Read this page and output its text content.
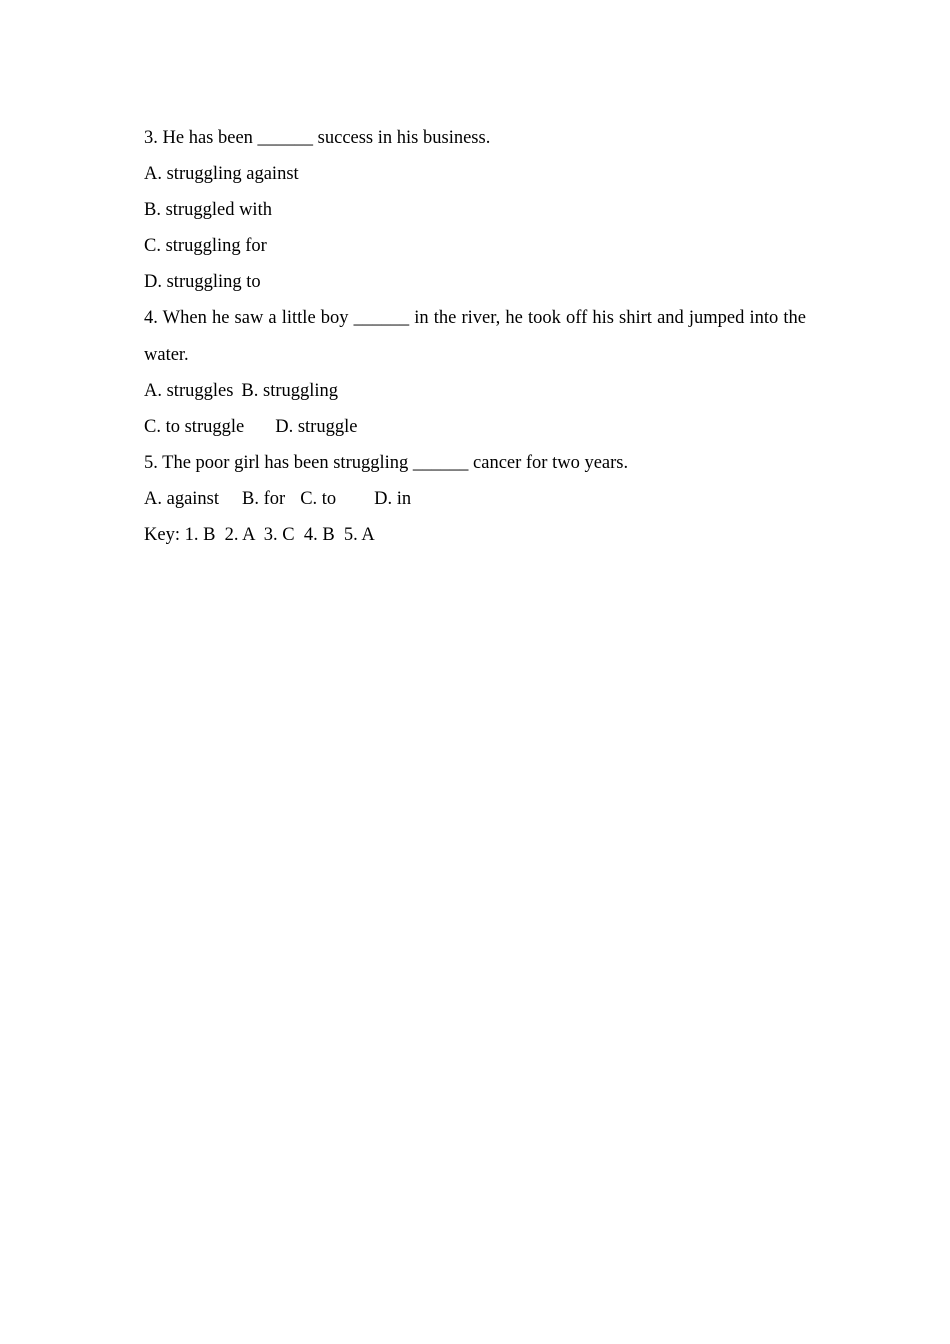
3. He has been ______ success in his business.
A. struggling against
B. struggled with
C. struggling for
D. struggling to
4. When he saw a little boy ______ in the river, he took off his shirt and jumped into the water.
A. struggles B. struggling
C. to struggle D. struggle
5. The poor girl has been struggling ______ cancer for two years.
A. against B. for C. to D. in
Key: 1. B  2. A  3. C  4. B  5. A
